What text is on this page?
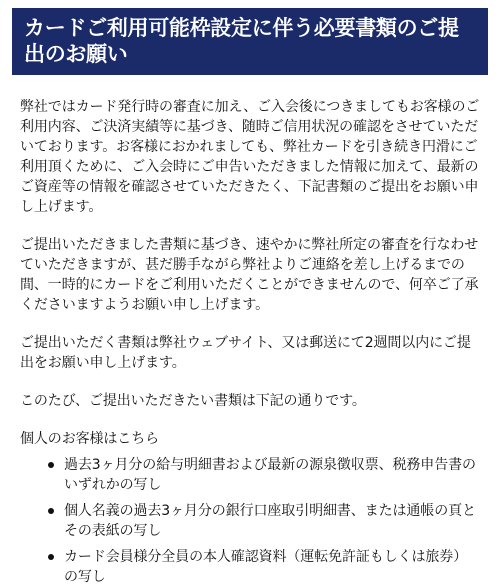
カードご利用可能枠設定に伴う必要書類のご提出のお願い

弊社ではカード発行時の審査に加え、ご入会後につきましてもお客様のご利用内容、ご決済実績等に基づき、随時ご信用状況の確認をさせていただいております。お客様におかれましても、弊社カードを引き続き円滑にご利用頂くために、ご入会時にご申告いただきました情報に加えて、最新のご資産等の情報を確認させていただきたく、下記書類のご提出をお願い申し上げます。

ご提出いただきました書類に基づき、速やかに弊社所定の審査を行なわせていただきますが、甚だ勝手ながら弊社よりご連絡を差し上げるまでの間、一時的にカードをご利用いただくことができませんので、何卒ご了承くださいますようお願い申し上げます。

ご提出いただく書類は弊社ウェブサイト、又は郵送にて2週間以内にご提出をお願い申し上げます。

このたび、ご提出いただきたい書類は下記の通りです。

個人のお客様はこちら

過去3ヶ月分の給与明細書および最新の源泉徴収票、税務申告書のいずれかの写し
個人名義の過去3ヶ月分の銀行口座取引明細書、または通帳の頁とその表紙の写し
カード会員様分全員の本人確認資料（運転免許証もしくは旅券）の写し
